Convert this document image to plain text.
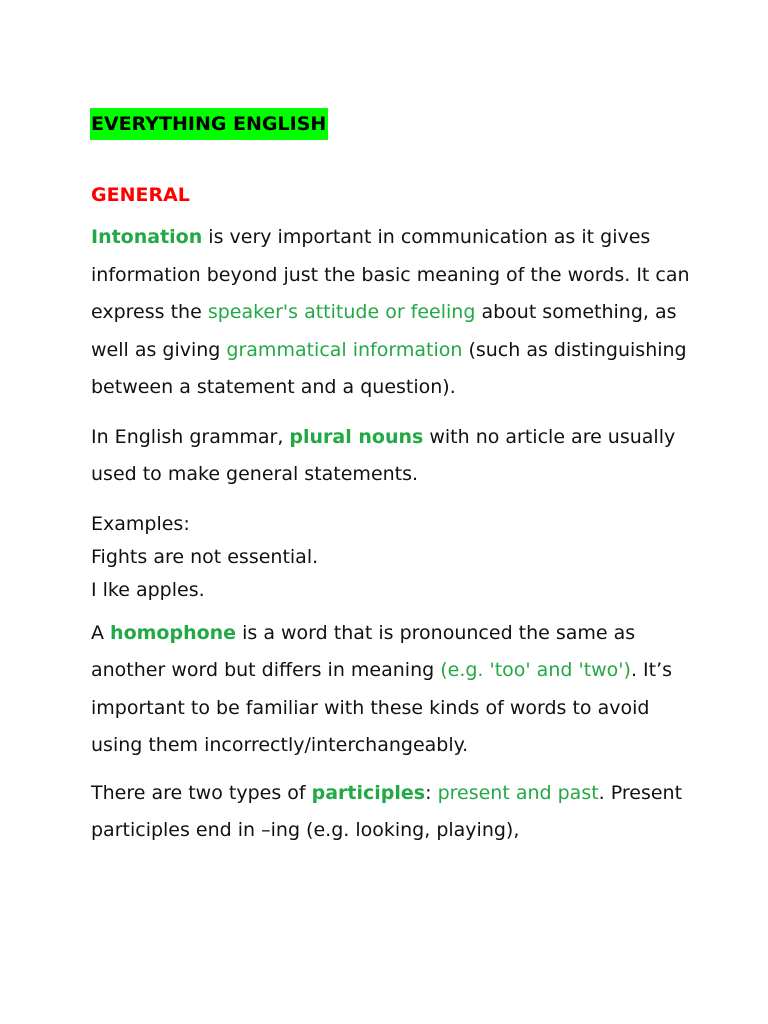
EVERYTHING ENGLISH
GENERAL

Intonation is very important in communication as it gives information beyond just the basic meaning of the words. It can express the speaker's attitude or feeling about something, as well as giving grammatical information (such as distinguishing between a statement and a question).

In English grammar, plural nouns with no article are usually used to make general statements.

Examples:
Fights are not essential.
I lke apples.

A homophone is a word that is pronounced the same as another word but differs in meaning (e.g. 'too' and 'two'). It’s important to be familiar with these kinds of words to avoid using them incorrectly/interchangeably.

There are two types of participles: present and past. Present participles end in –ing (e.g. looking, playing),
